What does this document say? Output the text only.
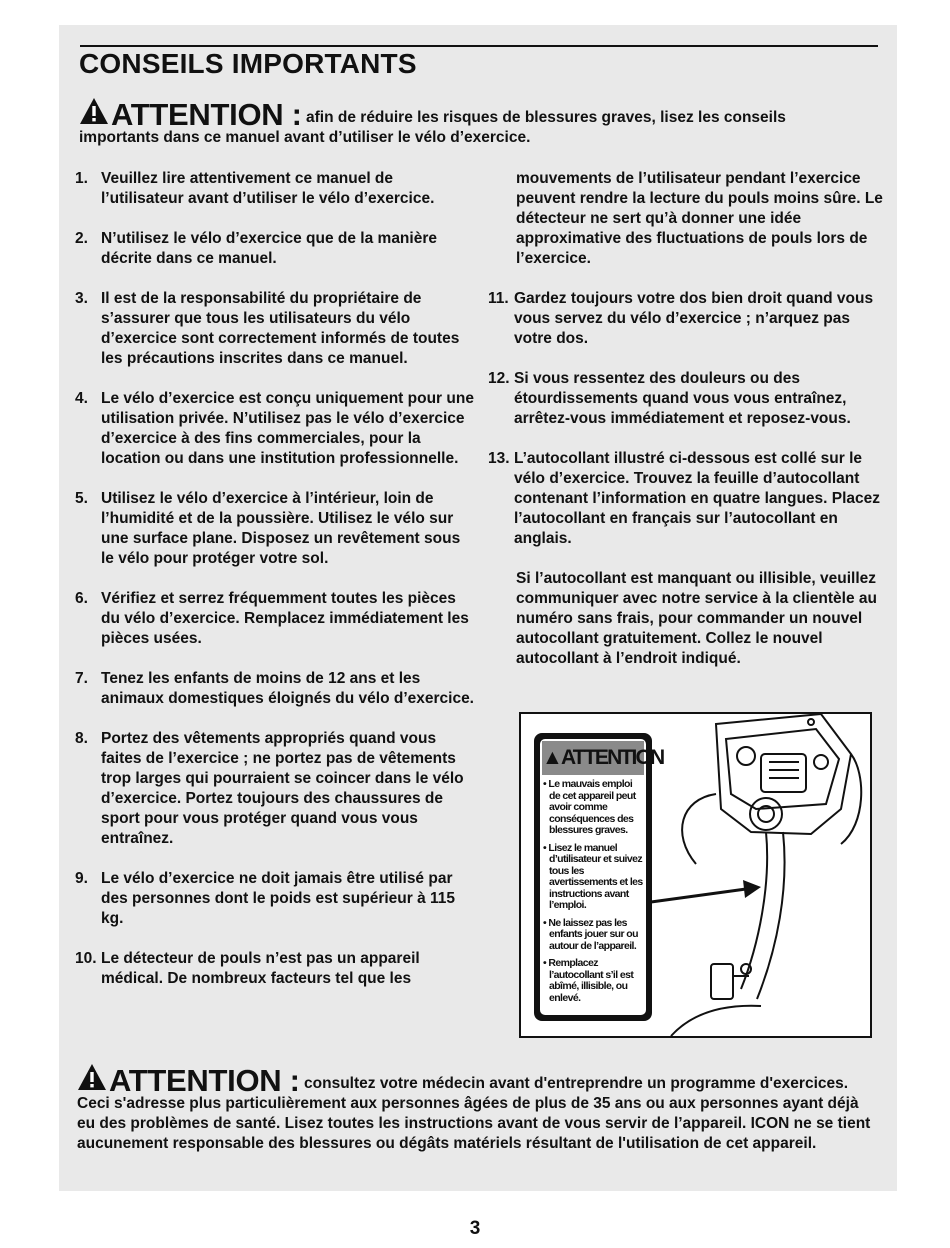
CONSEILS IMPORTANTS
ATTENTION : afin de réduire les risques de blessures graves, lisez les conseils importants dans ce manuel avant d’utiliser le vélo d’exercice.
1. Veuillez lire attentivement ce manuel de l’utilisateur avant d’utiliser le vélo d’exercice.

2. N’utilisez le vélo d’exercice que de la manière décrite dans ce manuel.

3. Il est de la responsabilité du propriétaire de s’assurer que tous les utilisateurs du vélo d’exercice sont correctement informés de toutes les précautions inscrites dans ce manuel.

4. Le vélo d’exercice est conçu uniquement pour une utilisation privée. N’utilisez pas le vélo d’exercice d’exercice à des fins commerciales, pour la location ou dans une institution professionnelle.

5. Utilisez le vélo d’exercice à l’intérieur, loin de l’humidité et de la poussière. Utilisez le vélo sur une surface plane. Disposez un revêtement sous le vélo pour protéger votre sol.

6. Vérifiez et serrez fréquemment toutes les pièces du vélo d’exercice. Remplacez immédiatement les pièces usées.

7. Tenez les enfants de moins de 12 ans et les animaux domestiques éloignés du vélo d’exercice.

8. Portez des vêtements appropriés quand vous faites de l’exercice ; ne portez pas de vêtements trop larges qui pourraient se coincer dans le vélo d’exercice. Portez toujours des chaussures de sport pour vous protéger quand vous vous entraînez.

9. Le vélo d’exercice ne doit jamais être utilisé par des personnes dont le poids est supérieur à 115 kg.

10. Le détecteur de pouls n’est pas un appareil médical. De nombreux facteurs tel que les

mouvements de l’utilisateur pendant l’exercice peuvent rendre la lecture du pouls moins sûre. Le détecteur ne sert qu’à donner une idée approximative des fluctuations de pouls lors de l’exercice.

11. Gardez toujours votre dos bien droit quand vous vous servez du vélo d’exercice ; n’arquez pas votre dos.

12. Si vous ressentez des douleurs ou des étourdissements quand vous vous entraînez, arrêtez-vous immédiatement et reposez-vous.

13. L’autocollant illustré ci-dessous est collé sur le vélo d’exercice. Trouvez la feuille d’autocollant contenant l’information en quatre langues. Placez l’autocollant en français sur l’autocollant en anglais.

Si l’autocollant est manquant ou illisible, veuillez communiquer avec notre service à la clientèle au numéro sans frais, pour commander un nouvel autocollant gratuitement. Collez le nouvel autocollant à l’endroit indiqué.

▲ATTENTION
• Le mauvais emploi de cet appareil peut avoir comme conséquences des blessures graves.
• Lisez le manuel d’utilisateur et suivez tous les avertissements et les instructions avant l’emploi.
• Ne laissez pas les enfants jouer sur ou autour de l’appareil.
• Remplacez l’autocollant s’il est abîmé, illisible, ou enlevé.
ATTENTION : consultez votre médecin avant d'entreprendre un programme d'exercices. Ceci s'adresse plus particulièrement aux personnes âgées de plus de 35 ans ou aux personnes ayant déjà eu des problèmes de santé. Lisez toutes les instructions avant de vous servir de l’appareil. ICON ne se tient aucunement responsable des blessures ou dégâts matériels résultant de l'utilisation de cet appareil.
3
